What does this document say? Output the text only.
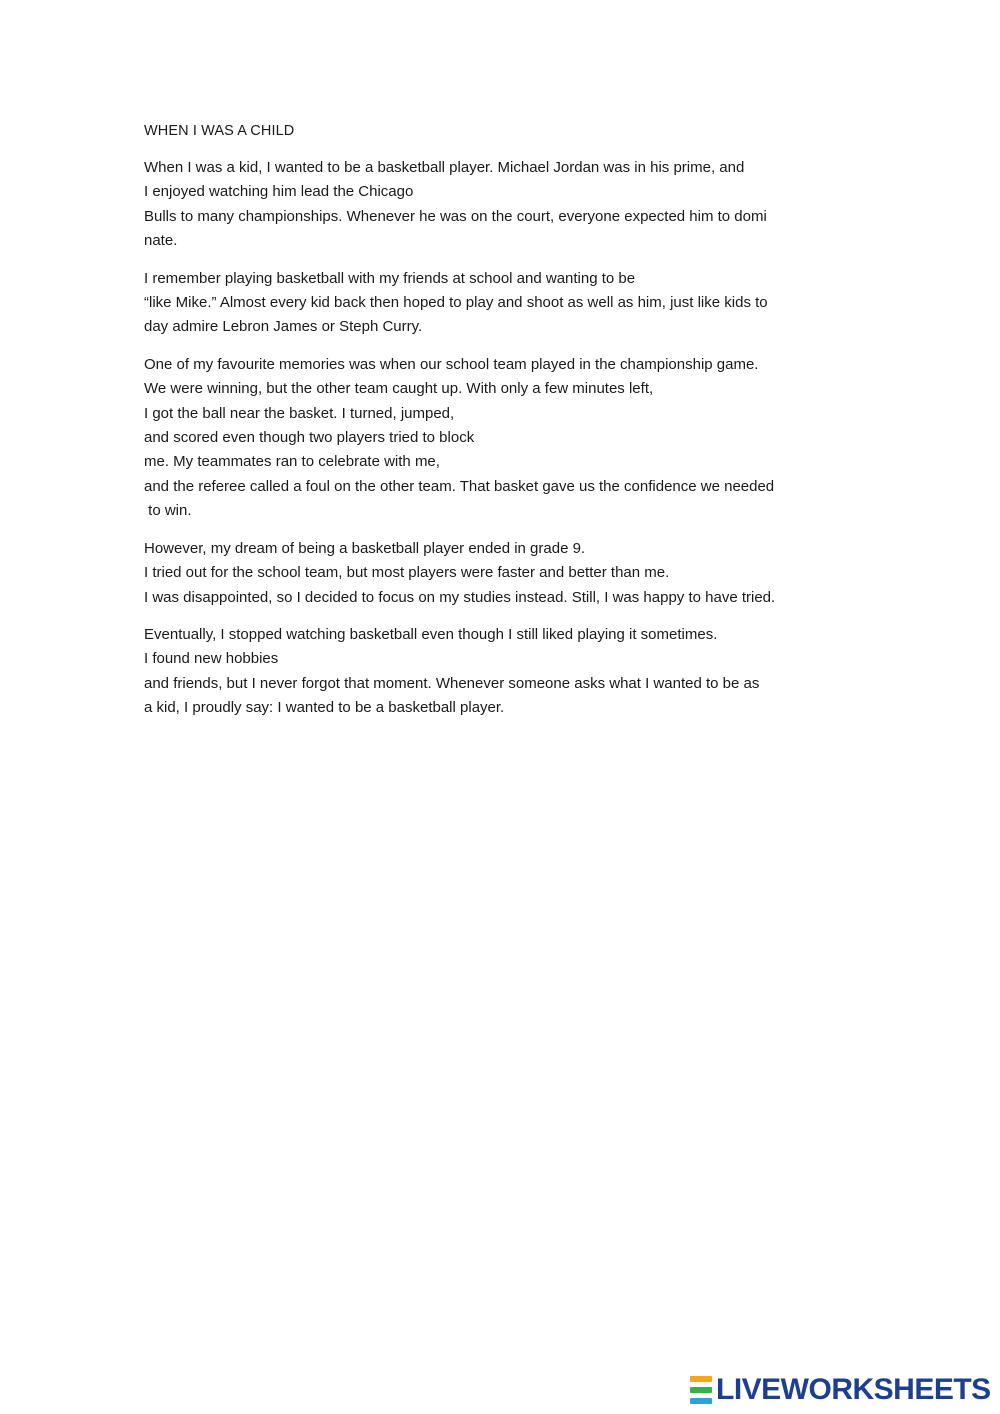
WHEN I WAS A CHILD

When I was a kid, I wanted to be a basketball player. Michael Jordan was in his prime, and
I enjoyed watching him lead the Chicago
Bulls to many championships. Whenever he was on the court, everyone expected him to domi
nate.

I remember playing basketball with my friends at school and wanting to be
“like Mike.” Almost every kid back then hoped to play and shoot as well as him, just like kids to
day admire Lebron James or Steph Curry.

One of my favourite memories was when our school team played in the championship game.
We were winning, but the other team caught up. With only a few minutes left,
I got the ball near the basket. I turned, jumped,
and scored even though two players tried to block
me. My teammates ran to celebrate with me,
and the referee called a foul on the other team. That basket gave us the confidence we needed
to win.

However, my dream of being a basketball player ended in grade 9.
I tried out for the school team, but most players were faster and better than me.
I was disappointed, so I decided to focus on my studies instead. Still, I was happy to have tried.

Eventually, I stopped watching basketball even though I still liked playing it sometimes.
I found new hobbies
and friends, but I never forgot that moment. Whenever someone asks what I wanted to be as
a kid, I proudly say: I wanted to be a basketball player.

LIVEWORKSHEETS
